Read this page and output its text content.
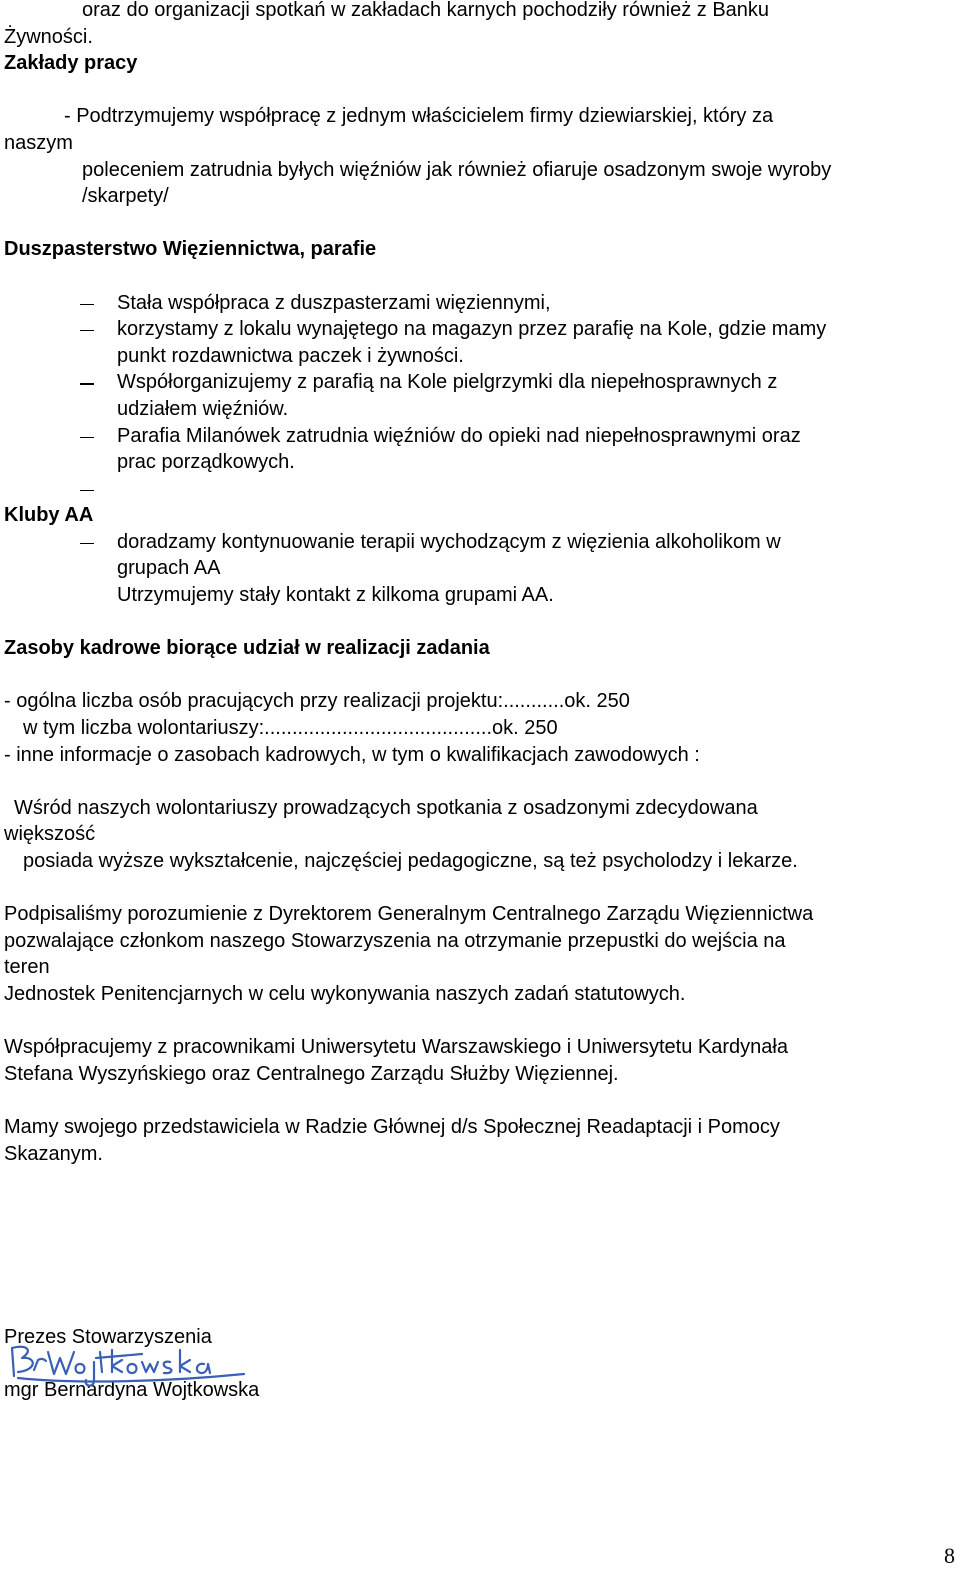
oraz do organizacji spotkań w zakładach karnych pochodziły również z Banku

Żywności.

Zakłady pracy

- Podtrzymujemy współpracę z jednym właścicielem firmy dziewiarskiej, który za

naszym

poleceniem zatrudnia byłych więźniów jak również ofiaruje osadzonym swoje wyroby

/skarpety/

Duszpasterstwo Więziennictwa, parafie

Stała współpraca z duszpasterzami więziennymi,
korzystamy z lokalu wynajętego na magazyn przez parafię na Kole, gdzie mamy
punkt rozdawnictwa paczek i żywności.
Współorganizujemy z parafią na Kole pielgrzymki dla niepełnosprawnych z
udziałem więźniów.
Parafia Milanówek zatrudnia więźniów do opieki nad niepełnosprawnymi oraz
prac porządkowych.

Kluby AA

doradzamy kontynuowanie terapii wychodzącym z więzienia alkoholikom w
grupach AA
Utrzymujemy stały kontakt z kilkoma grupami AA.

Zasoby kadrowe biorące udział w realizacji zadania

- ogólna liczba osób pracujących przy realizacji projektu:...........ok. 250

w tym liczba wolontariuszy:.........................................ok. 250

- inne informacje o zasobach kadrowych, w tym o kwalifikacjach zawodowych :

Wśród naszych wolontariuszy prowadzących spotkania z osadzonymi zdecydowana

większość

posiada wyższe wykształcenie, najczęściej pedagogiczne, są też psycholodzy i lekarze.

Podpisaliśmy porozumienie z Dyrektorem Generalnym Centralnego Zarządu Więziennictwa

pozwalające członkom naszego Stowarzyszenia na otrzymanie przepustki do wejścia na

teren

Jednostek Penitencjarnych w celu wykonywania naszych zadań statutowych.

Współpracujemy z pracownikami Uniwersytetu Warszawskiego i Uniwersytetu Kardynała

Stefana Wyszyńskiego oraz Centralnego Zarządu Służby Więziennej.

Mamy swojego przedstawiciela w Radzie Głównej d/s Społecznej Readaptacji i Pomocy

Skazanym.

Prezes Stowarzyszenia

mgr Bernardyna Wojtkowska

8
